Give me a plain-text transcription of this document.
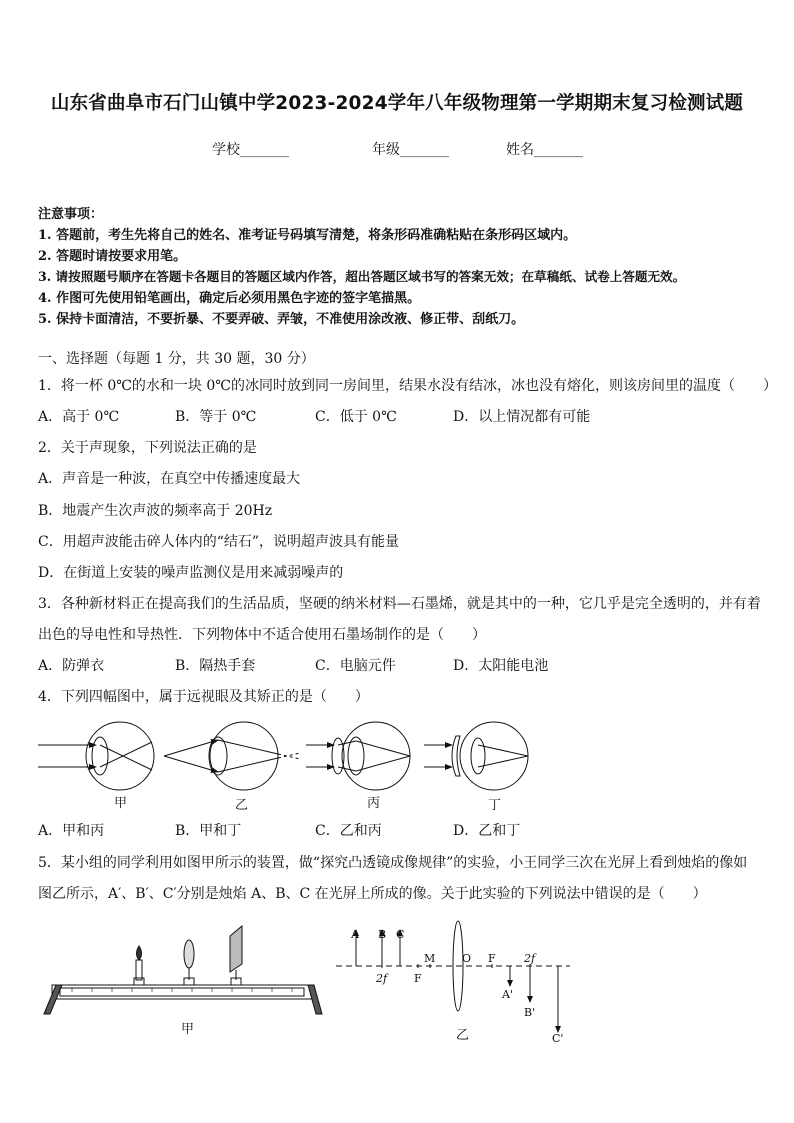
山东省曲阜市石门山镇中学2023-2024学年八年级物理第一学期期末复习检测试题
学校_______	年级_______	姓名_______
注意事项：
1. 答题前，考生先将自己的姓名、准考证号码填写清楚，将条形码准确粘贴在条形码区域内。
2. 答题时请按要求用笔。
3. 请按照题号顺序在答题卡各题目的答题区域内作答，超出答题区域书写的答案无效；在草稿纸、试卷上答题无效。
4. 作图可先使用铅笔画出，确定后必须用黑色字迹的签字笔描黑。
5. 保持卡面清洁，不要折暴、不要弄破、弄皱，不准使用涂改液、修正带、刮纸刀。
一、选择题（每题 1 分，共 30 题，30 分）
1．将一杯 0℃的水和一块 0℃的冰同时放到同一房间里，结果水没有结冰，冰也没有熔化，则该房间里的温度（　　）
A．高于 0℃	B．等于 0℃	C．低于 0℃	D．以上情况都有可能
2．关于声现象，下列说法正确的是
A．声音是一种波，在真空中传播速度最大
B．地震产生次声波的频率高于 20Hz
C．用超声波能击碎人体内的“结石”，说明超声波具有能量
D．在街道上安装的噪声监测仪是用来减弱噪声的
3．各种新材料正在提高我们的生活品质，坚硬的纳米材料—石墨烯，就是其中的一种，它几乎是完全透明的，并有着
出色的导电性和导热性．下列物体中不适合使用石墨场制作的是（　　）
A．防弹衣	B．隔热手套	C．电脑元件	D．太阳能电池
4．下列四幅图中，属于远视眼及其矫正的是（　　）
甲	乙	丙	丁
A．甲和丙	B．甲和丁	C．乙和丙	D．乙和丁
5．某小组的同学利用如图甲所示的装置，做“探究凸透镜成像规律”的实验，小王同学三次在光屏上看到烛焰的像如
图乙所示，A′、B′、C′分别是烛焰 A、B、C 在光屏上所成的像。关于此实验的下列说法中错误的是（　　）
甲
A B C
2f F
M O F	2f
A'
B'
C'
乙
